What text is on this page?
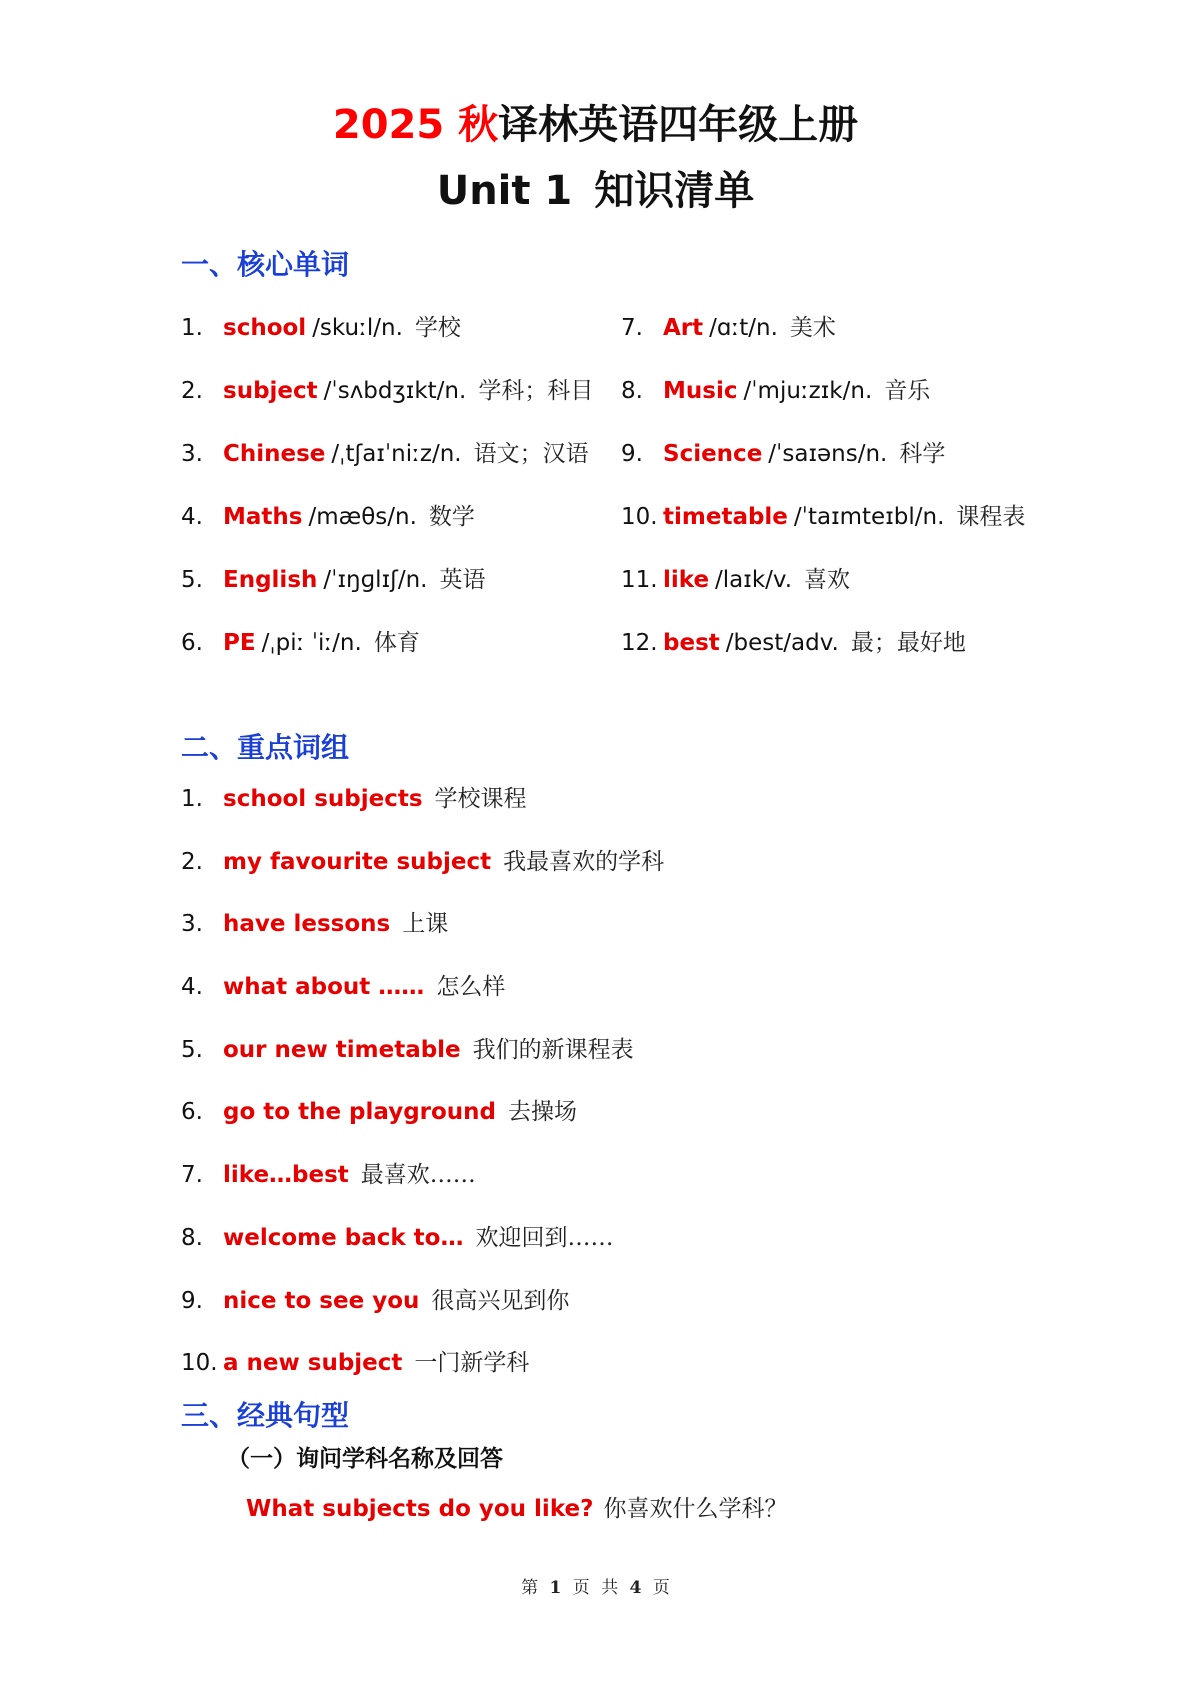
2025 秋译林英语四年级上册
Unit 1 知识清单
一、核心单词
1. school /skuːl/n. 学校
2. subject /ˈsʌbdʒɪkt/n. 学科；科目
3. Chinese /ˌtʃaɪˈniːz/n. 语文；汉语
4. Maths /mæθs/n. 数学
5. English /ˈɪŋɡlɪʃ/n. 英语
6. PE /ˌpiː ˈiː/n. 体育
7. Art /ɑːt/n. 美术
8. Music /ˈmjuːzɪk/n. 音乐
9. Science /ˈsaɪəns/n. 科学
10. timetable /ˈtaɪmteɪbl/n. 课程表
11. like /laɪk/v. 喜欢
12. best /best/adv. 最；最好地
二、重点词组
1. school subjects 学校课程
2. my favourite subject 我最喜欢的学科
3. have lessons 上课
4. what about …… 怎么样
5. our new timetable 我们的新课程表
6. go to the playground 去操场
7. like…best 最喜欢……
8. welcome back to… 欢迎回到……
9. nice to see you 很高兴见到你
10. a new subject 一门新学科
三、经典句型
（一）询问学科名称及回答
What subjects do you like? 你喜欢什么学科？
第 1 页 共 4 页
